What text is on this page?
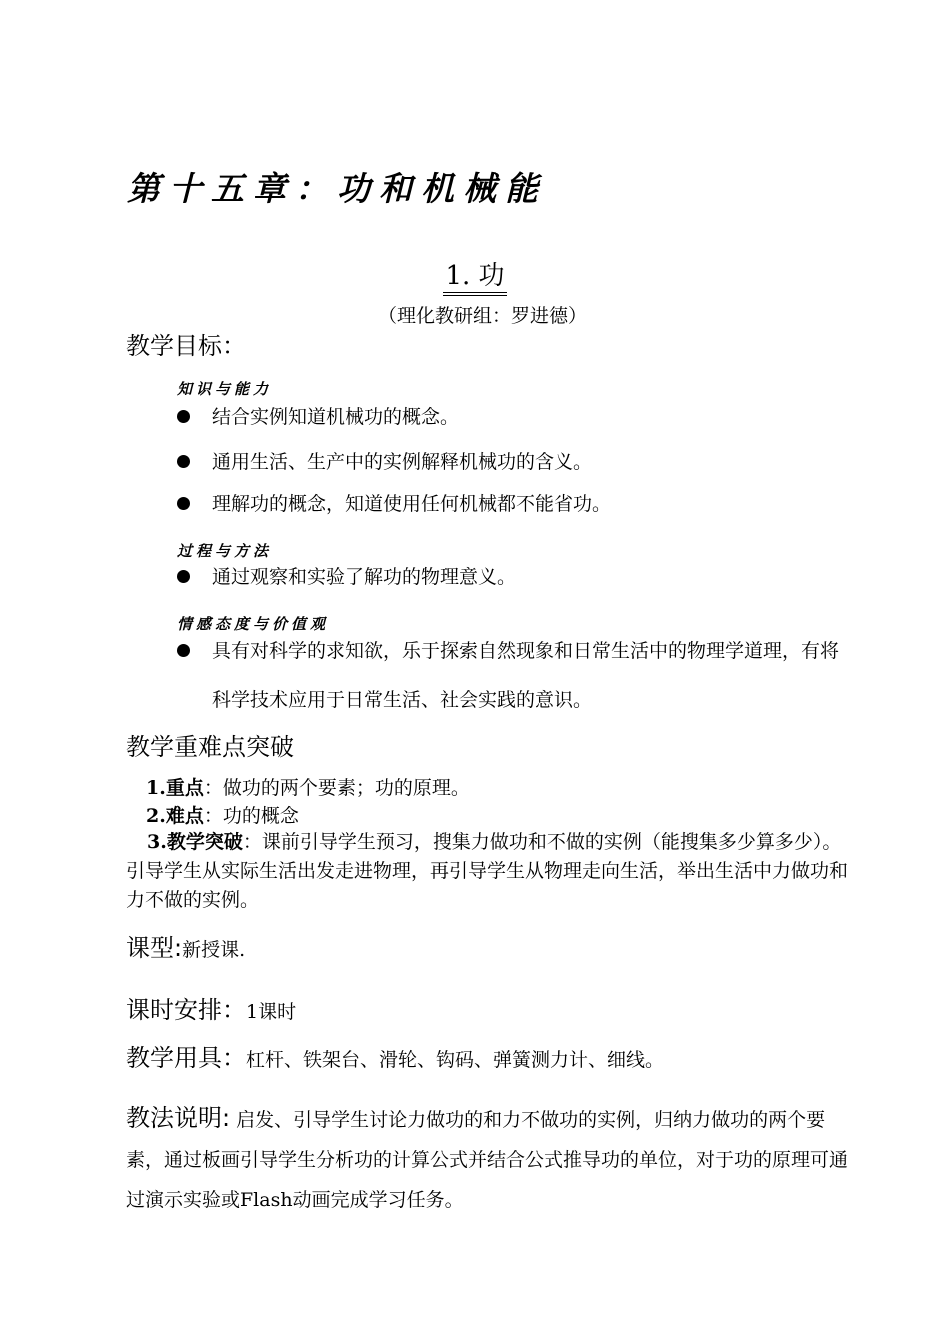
第十五章：功和机械能
1. 功
（理化教研组：罗进德）
教学目标：
知识与能力
结合实例知道机械功的概念。
通用生活、生产中的实例解释机械功的含义。
理解功的概念，知道使用任何机械都不能省功。
过程与方法
通过观察和实验了解功的物理意义。
情感态度与价值观
具有对科学的求知欲，乐于探索自然现象和日常生活中的物理学道理，有将科学技术应用于日常生活、社会实践的意识。
教学重难点突破
1.重点：做功的两个要素；功的原理。
2.难点：功的概念
3.教学突破：课前引导学生预习，搜集力做功和不做的实例（能搜集多少算多少）。引导学生从实际生活出发走进物理，再引导学生从物理走向生活，举出生活中力做功和力不做的实例。
课型:新授课.
课时安排：1课时
教学用具：杠杆、铁架台、滑轮、钩码、弹簧测力计、细线。
教法说明: 启发、引导学生讨论力做功的和力不做功的实例，归纳力做功的两个要素，通过板画引导学生分析功的计算公式并结合公式推导功的单位，对于功的原理可通过演示实验或Flash动画完成学习任务。
